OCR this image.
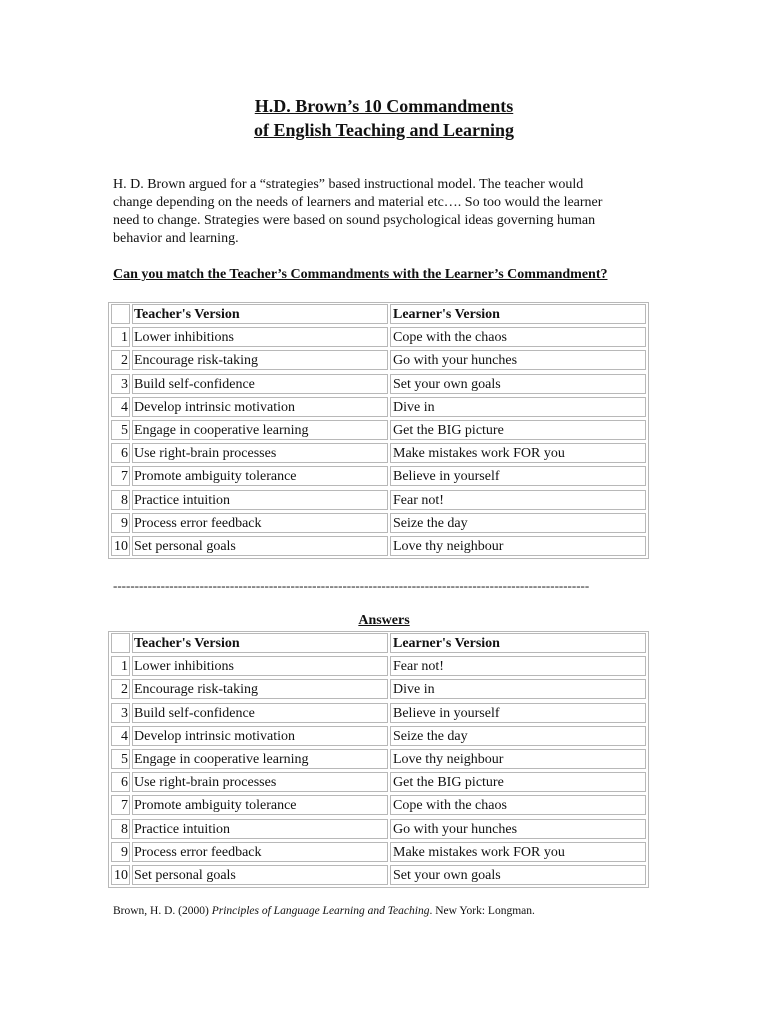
H.D. Brown’s 10 Commandments
of English Teaching and Learning
H. D. Brown argued for a “strategies” based instructional model. The teacher would
change depending on the needs of learners and material etc…. So too would the learner
need to change. Strategies were based on sound psychological ideas governing human
behavior and learning.
Can you match the Teacher’s Commandments with the Learner’s Commandment?
Teacher's Version	Learner's Version
1 Lower inhibitions	Cope with the chaos
2 Encourage risk-taking	Go with your hunches
3 Build self-confidence	Set your own goals
4 Develop intrinsic motivation	Dive in
5 Engage in cooperative learning	Get the BIG picture
6 Use right-brain processes	Make mistakes work FOR you
7 Promote ambiguity tolerance	Believe in yourself
8 Practice intuition	Fear not!
9 Process error feedback	Seize the day
10 Set personal goals	Love thy neighbour
--------------------------------------------------------------------------------------------------------------
Answers
Teacher's Version	Learner's Version
1 Lower inhibitions	Fear not!
2 Encourage risk-taking	Dive in
3 Build self-confidence	Believe in yourself
4 Develop intrinsic motivation	Seize the day
5 Engage in cooperative learning	Love thy neighbour
6 Use right-brain processes	Get the BIG picture
7 Promote ambiguity tolerance	Cope with the chaos
8 Practice intuition	Go with your hunches
9 Process error feedback	Make mistakes work FOR you
10 Set personal goals	Set your own goals
Brown, H. D. (2000) Principles of Language Learning and Teaching. New York: Longman.
